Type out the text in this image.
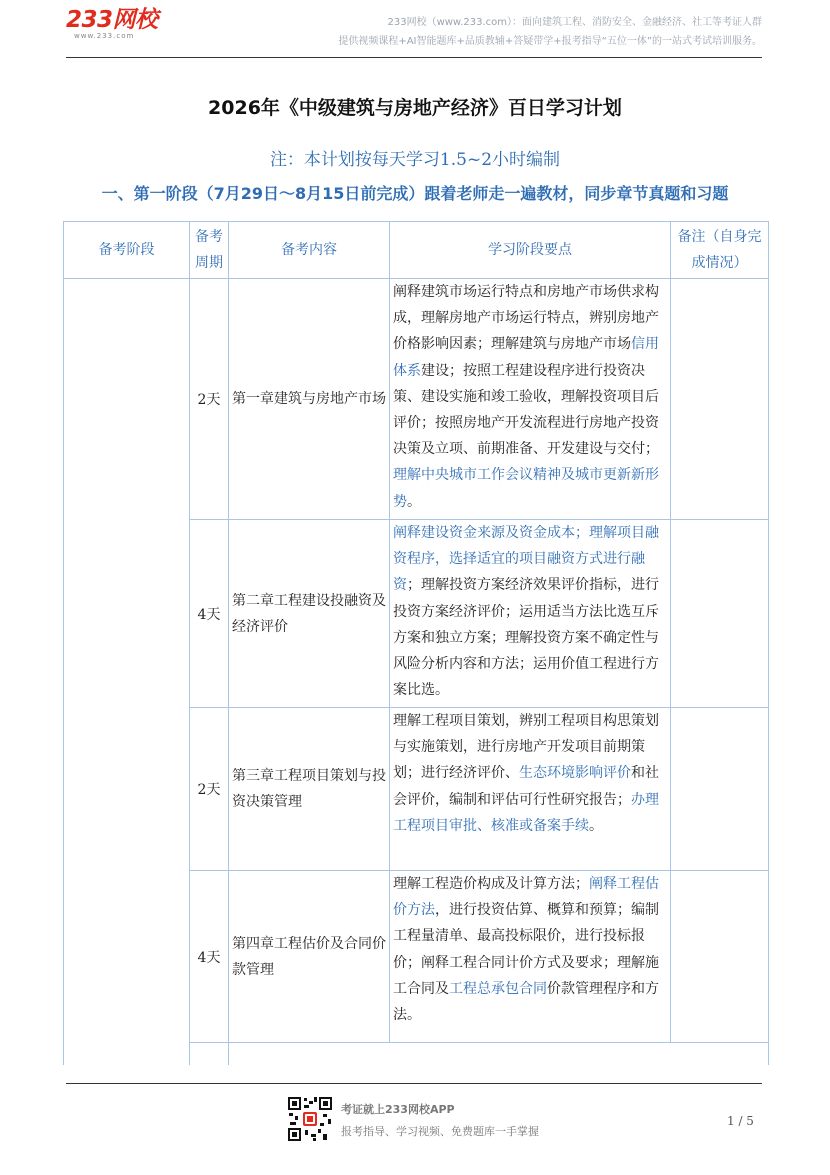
233网校
www.233.com
233网校（www.233.com）：面向建筑工程、消防安全、金融经济、社工等考证人群
提供视频课程+AI智能题库+品质教辅+答疑带学+报考指导“五位一体”的一站式考试培训服务。
2026年《中级建筑与房地产经济》百日学习计划
注：本计划按每天学习1.5~2小时编制
一、第一阶段（7月29日～8月15日前完成）跟着老师走一遍教材，同步章节真题和习题
备考阶段	备考周期	备考内容	学习阶段要点	备注（自身完成情况）
	2天	第一章建筑与房地产市场	阐释建筑市场运行特点和房地产市场供求构成，理解房地产市场运行特点，辨别房地产价格影响因素；理解建筑与房地产市场信用体系建设；按照工程建设程序进行投资决策、建设实施和竣工验收，理解投资项目后评价；按照房地产开发流程进行房地产投资决策及立项、前期准备、开发建设与交付；理解中央城市工作会议精神及城市更新新形势。	
	4天	第二章工程建设投融资及经济评价	阐释建设资金来源及资金成本；理解项目融资程序，选择适宜的项目融资方式进行融资；理解投资方案经济效果评价指标，进行投资方案经济评价；运用适当方法比选互斥方案和独立方案；理解投资方案不确定性与风险分析内容和方法；运用价值工程进行方案比选。	
	2天	第三章工程项目策划与投资决策管理	理解工程项目策划，辨别工程项目构思策划与实施策划，进行房地产开发项目前期策划；进行经济评价、生态环境影响评价和社会评价，编制和评估可行性研究报告；办理工程项目审批、核准或备案手续。	
	4天	第四章工程估价及合同价款管理	理解工程造价构成及计算方法；阐释工程估价方法，进行投资估算、概算和预算；编制工程量清单、最高投标限价，进行投标报价；阐释工程合同计价方式及要求；理解施工合同及工程总承包合同价款管理程序和方法。	

考证就上233网校APP
报考指导、学习视频、免费题库一手掌握
1 / 5
